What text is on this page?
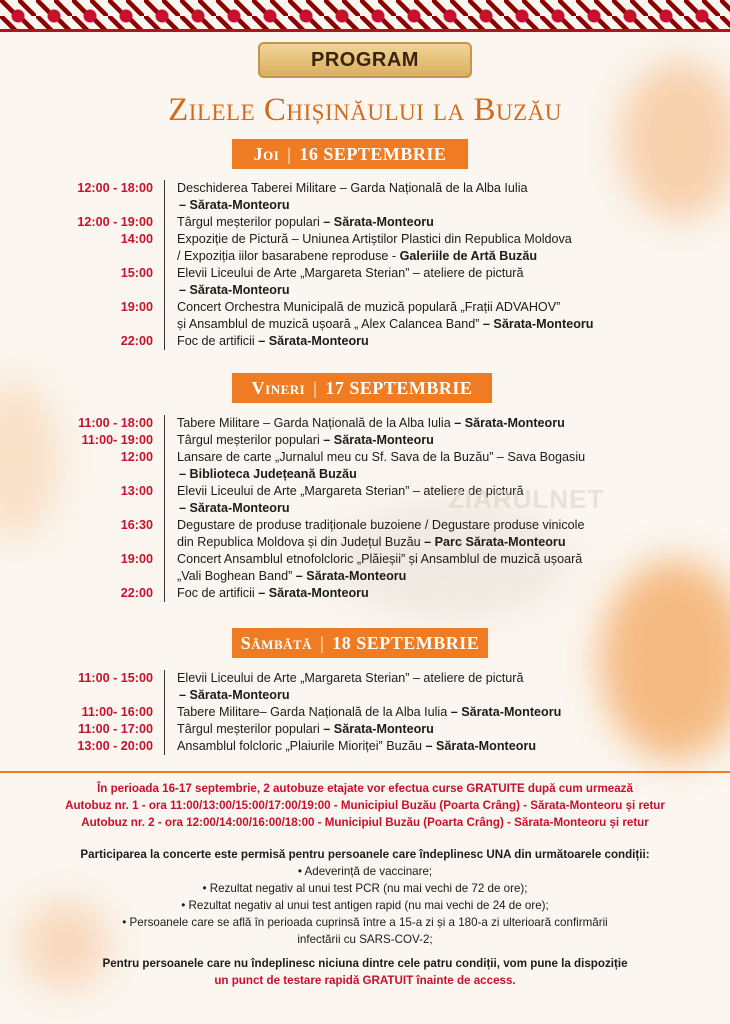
PROGRAM
Zilele Chișinăului la Buzău
Joi | 16 SEPTEMBRIE
12:00 - 18:00	Deschiderea Taberei Militare – Garda Națională de la Alba Iulia
– Sărata-Monteoru
12:00 - 19:00	Târgul meșterilor populari – Sărata-Monteoru
14:00	Expoziție de Pictură – Uniunea Artiștilor Plastici din Republica Moldova
/ Expoziția iilor basarabene reproduse - Galeriile de Artă Buzău
15:00	Elevii Liceului de Arte „Margareta Sterian” – ateliere de pictură
– Sărata-Monteoru
19:00	Concert Orchestra Municipală de muzică populară „Frații ADVAHOV”
și Ansamblul de muzică ușoară „ Alex Calancea Band” – Sărata-Monteoru
22:00	Foc de artificii – Sărata-Monteoru
Vineri | 17 SEPTEMBRIE
11:00 - 18:00	Tabere Militare – Garda Națională de la Alba Iulia – Sărata-Monteoru
11:00- 19:00	Târgul meșterilor populari – Sărata-Monteoru
12:00	Lansare de carte „Jurnalul meu cu Sf. Sava de la Buzău” – Sava Bogasiu
– Biblioteca Județeană Buzău
13:00	Elevii Liceului de Arte „Margareta Sterian” – ateliere de pictură
– Sărata-Monteoru
16:30	Degustare de produse tradiționale buzoiene / Degustare produse vinicole
din Republica Moldova și din Județul Buzău – Parc Sărata-Monteoru
19:00	Concert Ansamblul etnofolcloric „Plăieșii” și Ansamblul de muzică ușoară
„Vali Boghean Band” – Sărata-Monteoru
22:00	Foc de artificii – Sărata-Monteoru
Sâmbătă | 18 SEPTEMBRIE
11:00 - 15:00	Elevii Liceului de Arte „Margareta Sterian” – ateliere de pictură
– Sărata-Monteoru
11:00- 16:00	Tabere Militare– Garda Națională de la Alba Iulia – Sărata-Monteoru
11:00 - 17:00	Târgul meșterilor populari – Sărata-Monteoru
13:00 - 20:00	Ansamblul folcloric „Plaiurile Mioriței” Buzău – Sărata-Monteoru
În perioada 16-17 septembrie, 2 autobuze etajate vor efectua curse GRATUITE după cum urmează
Autobuz nr. 1 - ora 11:00/13:00/15:00/17:00/19:00 - Municipiul Buzău (Poarta Crâng) - Sărata-Monteoru și retur
Autobuz nr. 2 - ora 12:00/14:00/16:00/18:00 - Municipiul Buzău (Poarta Crâng) - Sărata-Monteoru și retur
Participarea la concerte este permisă pentru persoanele care îndeplinesc UNA din următoarele condiții:
• Adeverință de vaccinare;
• Rezultat negativ al unui test PCR (nu mai vechi de 72 de ore);
• Rezultat negativ al unui test antigen rapid (nu mai vechi de 24 de ore);
• Persoanele care se află în perioada cuprinsă între a 15-a zi și a 180-a zi ulterioară confirmării
infectării cu SARS-COV-2;
Pentru persoanele care nu îndeplinesc niciuna dintre cele patru condiții, vom pune la dispoziție
un punct de testare rapidă GRATUIT înainte de access.
ZIARULNET
